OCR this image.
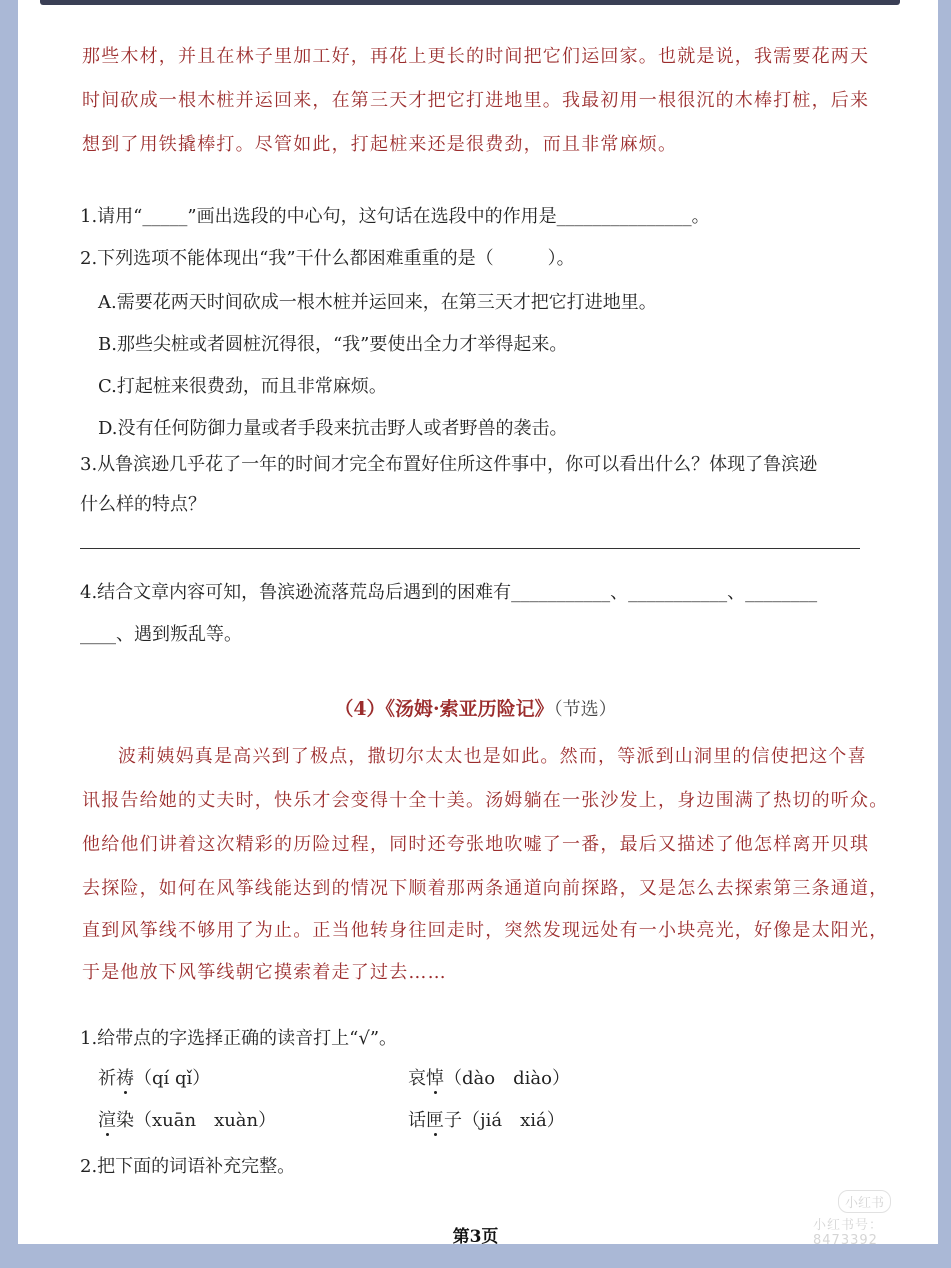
那些木材，并且在林子里加工好，再花上更长的时间把它们运回家。也就是说，我需要花两天
时间砍成一根木桩并运回来，在第三天才把它打进地里。我最初用一根很沉的木棒打桩，后来
想到了用铁撬棒打。尽管如此，打起桩来还是很费劲，而且非常麻烦。
1.请用“_____”画出选段的中心句，这句话在选段中的作用是_______________。
2.下列选项不能体现出“我”干什么都困难重重的是（　　　）。
A.需要花两天时间砍成一根木桩并运回来，在第三天才把它打进地里。
B.那些尖桩或者圆桩沉得很，“我”要使出全力才举得起来。
C.打起桩来很费劲，而且非常麻烦。
D.没有任何防御力量或者手段来抗击野人或者野兽的袭击。
3.从鲁滨逊几乎花了一年的时间才完全布置好住所这件事中，你可以看出什么？体现了鲁滨逊
什么样的特点？
4.结合文章内容可知，鲁滨逊流落荒岛后遇到的困难有___________、___________、________
____、遇到叛乱等。
（4）《汤姆·索亚历险记》（节选）
波莉姨妈真是高兴到了极点，撒切尔太太也是如此。然而，等派到山洞里的信使把这个喜
讯报告给她的丈夫时，快乐才会变得十全十美。汤姆躺在一张沙发上，身边围满了热切的听众。
他给他们讲着这次精彩的历险过程，同时还夸张地吹嘘了一番，最后又描述了他怎样离开贝琪
去探险，如何在风筝线能达到的情况下顺着那两条通道向前探路，又是怎么去探索第三条通道，
直到风筝线不够用了为止。正当他转身往回走时，突然发现远处有一小块亮光，好像是太阳光，
于是他放下风筝线朝它摸索着走了过去……
1.给带点的字选择正确的读音打上“√”。
祈祷（qí qǐ）	哀悼（dào　diào）
渲染（xuān　xuàn）	话匣子（jiá　xiá）
2.把下面的词语补充完整。
第3页
小红书
小红书号：8473392
